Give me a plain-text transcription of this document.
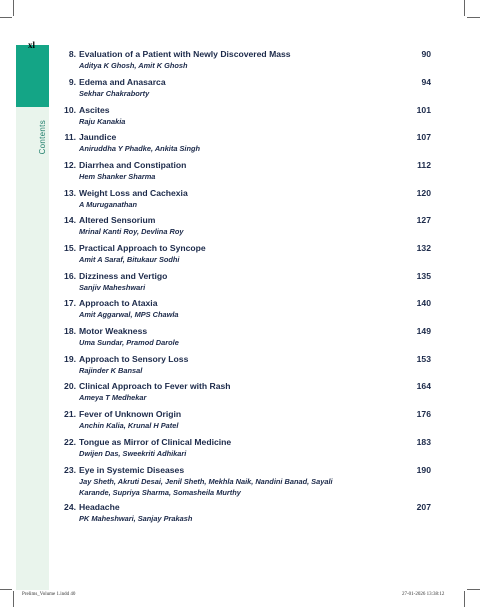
xl
Contents
8. Evaluation of a Patient with Newly Discovered Mass	90
Aditya K Ghosh, Amit K Ghosh
9. Edema and Anasarca	94
Sekhar Chakraborty
10. Ascites	101
Raju Kanakia
11. Jaundice	107
Aniruddha Y Phadke, Ankita Singh
12. Diarrhea and Constipation	112
Hem Shanker Sharma
13. Weight Loss and Cachexia	120
A Muruganathan
14. Altered Sensorium	127
Mrinal Kanti Roy, Devlina Roy
15. Practical Approach to Syncope	132
Amit A Saraf, Bitukaur Sodhi
16. Dizziness and Vertigo	135
Sanjiv Maheshwari
17. Approach to Ataxia	140
Amit Aggarwal, MPS Chawla
18. Motor Weakness	149
Uma Sundar, Pramod Darole
19. Approach to Sensory Loss	153
Rajinder K Bansal
20. Clinical Approach to Fever with Rash	164
Ameya T Medhekar
21. Fever of Unknown Origin	176
Anchin Kalia, Krunal H Patel
22. Tongue as Mirror of Clinical Medicine	183
Dwijen Das, Sweekriti Adhikari
23. Eye in Systemic Diseases	190
Jay Sheth, Akruti Desai, Jenil Sheth, Mekhla Naik, Nandini Banad, Sayali Karande, Supriya Sharma, Somasheila Murthy
24. Headache	207
PK Maheshwari, Sanjay Prakash
Prelims_Volume 1.indd 40	27-01-2026 13:38:12
